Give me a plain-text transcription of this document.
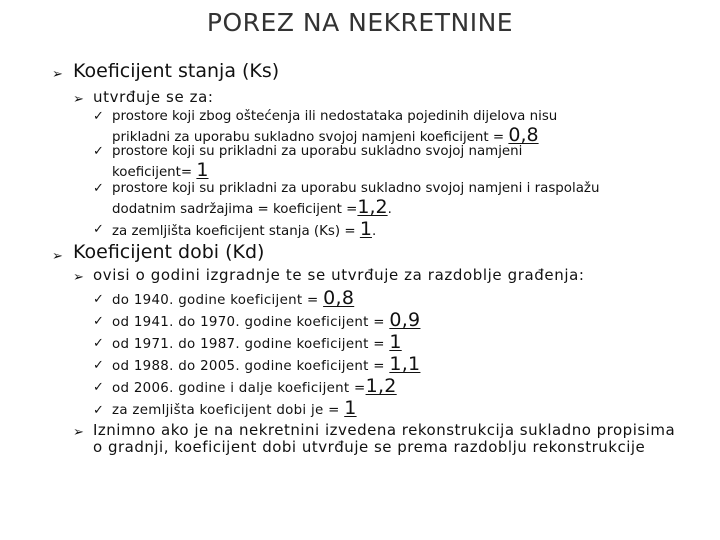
POREZ NA NEKRETNINE
➢ Koeficijent stanja (Ks)
➢ utvrđuje se za:
✓ prostore koji zbog oštećenja ili nedostataka pojedinih dijelova nisu
prikladni za uporabu sukladno svojoj namjeni koeficijent = 0,8
✓ prostore koji su prikladni za uporabu sukladno svojoj namjeni
koeficijent= 1
✓ prostore koji su prikladni za uporabu sukladno svojoj namjeni i raspolažu
dodatnim sadržajima = koeficijent =1,2.
✓ za zemljišta koeficijent stanja (Ks) = 1.
➢ Koeficijent dobi (Kd)
➢ ovisi o godini izgradnje te se utvrđuje za razdoblje građenja:
✓ do 1940. godine koeficijent = 0,8
✓ od 1941. do 1970. godine koeficijent = 0,9
✓ od 1971. do 1987. godine koeficijent = 1
✓ od 1988. do 2005. godine koeficijent = 1,1
✓ od 2006. godine i dalje koeficijent =1,2
✓ za zemljišta koeficijent dobi je = 1
➢ Iznimno ako je na nekretnini izvedena rekonstrukcija sukladno propisima o gradnji, koeficijent dobi utvrđuje se prema razdoblju rekonstrukcije
